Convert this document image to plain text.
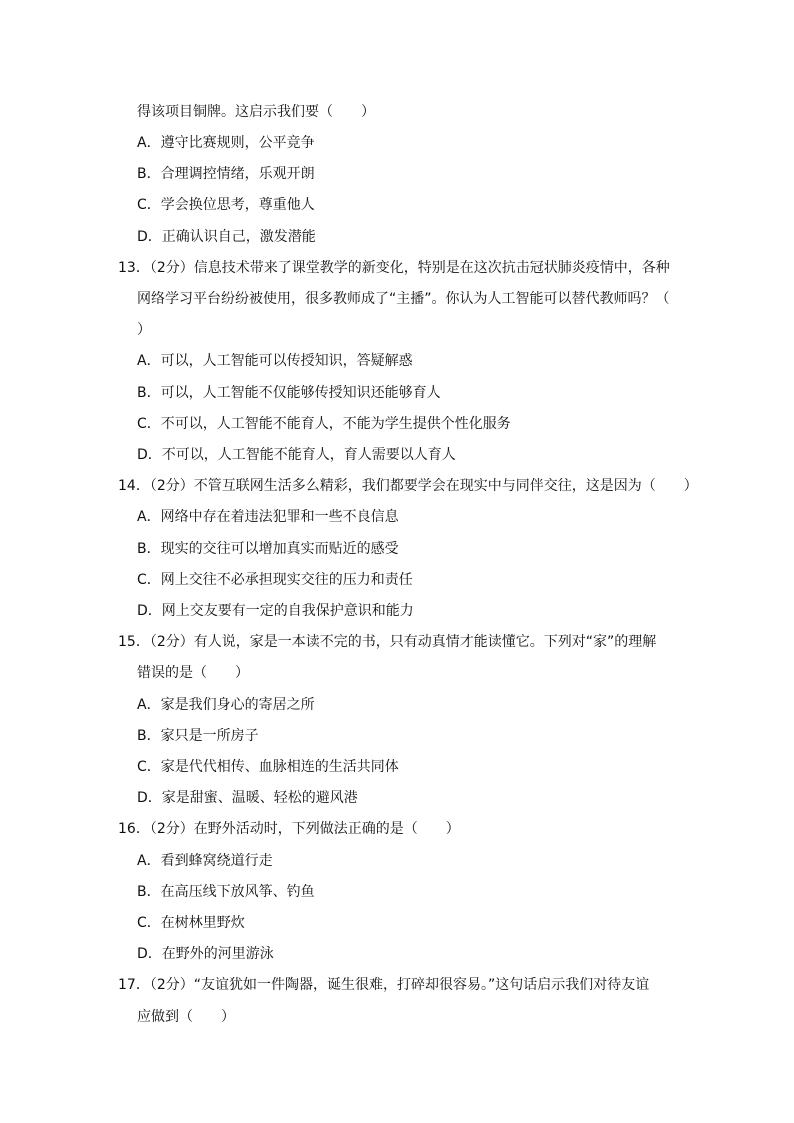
得该项目铜牌。这启示我们要（　　）
A．遵守比赛规则，公平竞争
B．合理调控情绪，乐观开朗
C．学会换位思考，尊重他人
D．正确认识自己，激发潜能
13．（2分）信息技术带来了课堂教学的新变化，特别是在这次抗击冠状肺炎疫情中，各种
网络学习平台纷纷被使用，很多教师成了“主播”。你认为人工智能可以替代教师吗？（
）
A．可以，人工智能可以传授知识，答疑解惑
B．可以，人工智能不仅能够传授知识还能够育人
C．不可以，人工智能不能育人，不能为学生提供个性化服务
D．不可以，人工智能不能育人，育人需要以人育人
14．（2分）不管互联网生活多么精彩，我们都要学会在现实中与同伴交往，这是因为（　　）
A．网络中存在着违法犯罪和一些不良信息
B．现实的交往可以增加真实而贴近的感受
C．网上交往不必承担现实交往的压力和责任
D．网上交友要有一定的自我保护意识和能力
15．（2分）有人说，家是一本读不完的书，只有动真情才能读懂它。下列对“家”的理解
错误的是（　　）
A．家是我们身心的寄居之所
B．家只是一所房子
C．家是代代相传、血脉相连的生活共同体
D．家是甜蜜、温暖、轻松的避风港
16．（2分）在野外活动时，下列做法正确的是（　　）
A．看到蜂窝绕道行走
B．在高压线下放风筝、钓鱼
C．在树林里野炊
D．在野外的河里游泳
17．（2分）“友谊犹如一件陶器，诞生很难，打碎却很容易。”这句话启示我们对待友谊
应做到（　　）
